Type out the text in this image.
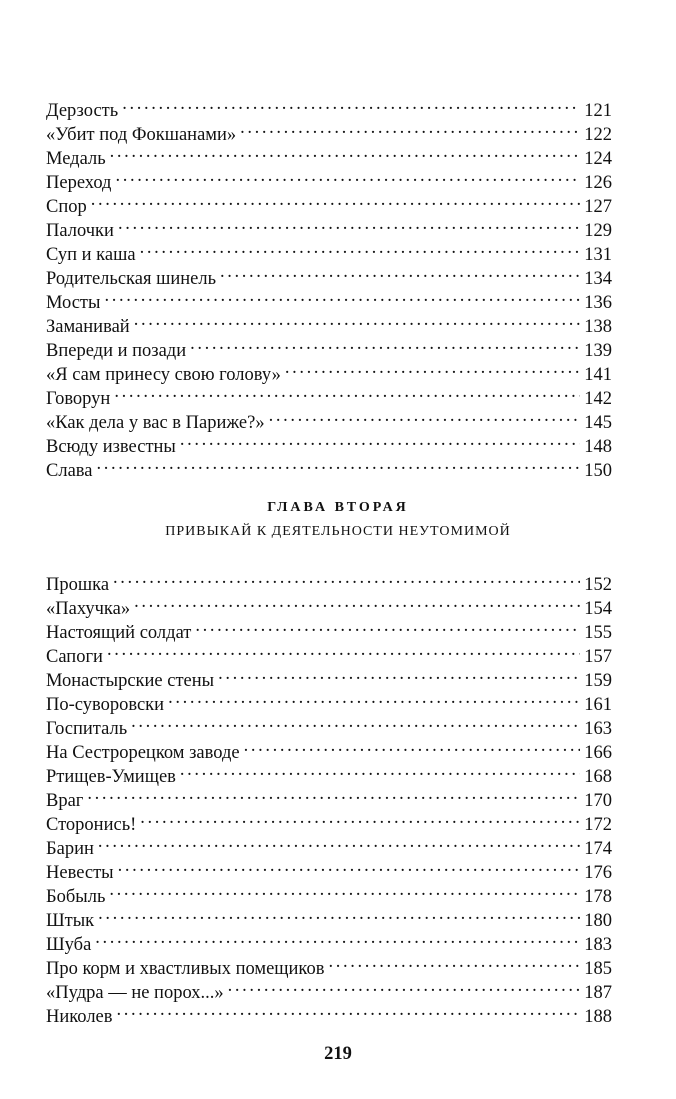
Дерзость . . .	121
«Убит под Фокшанами» . . .	122
Медаль . . .	124
Переход . . .	126
Спор . . .	127
Палочки . . .	129
Суп и каша . . .	131
Родительская шинель . . .	134
Мосты . . .	136
Заманивай . . .	138
Впереди и позади . . .	139
«Я сам принесу свою голову» . . .	141
Говорун . . .	142
«Как дела у вас в Париже?» . . .	145
Всюду известны . . .	148
Слава . . .	150
ГЛАВА ВТОРАЯ
ПРИВЫКАЙ К ДЕЯТЕЛЬНОСТИ НЕУТОМИМОЙ
Прошка . . .	152
«Пахучка» . . .	154
Настоящий солдат . . .	155
Сапоги . . .	157
Монастырские стены . . .	159
По-суворовски . . .	161
Госпиталь . . .	163
На Сестрорецком заводе . . .	166
Ртищев-Умищев . . .	168
Враг . . .	170
Сторонись! . . .	172
Барин . . .	174
Невесты . . .	176
Бобыль . . .	178
Штык . . .	180
Шуба . . .	183
Про корм и хвастливых помещиков . . .	185
«Пудра — не порох...» . . .	187
Николев . . .	188
219
